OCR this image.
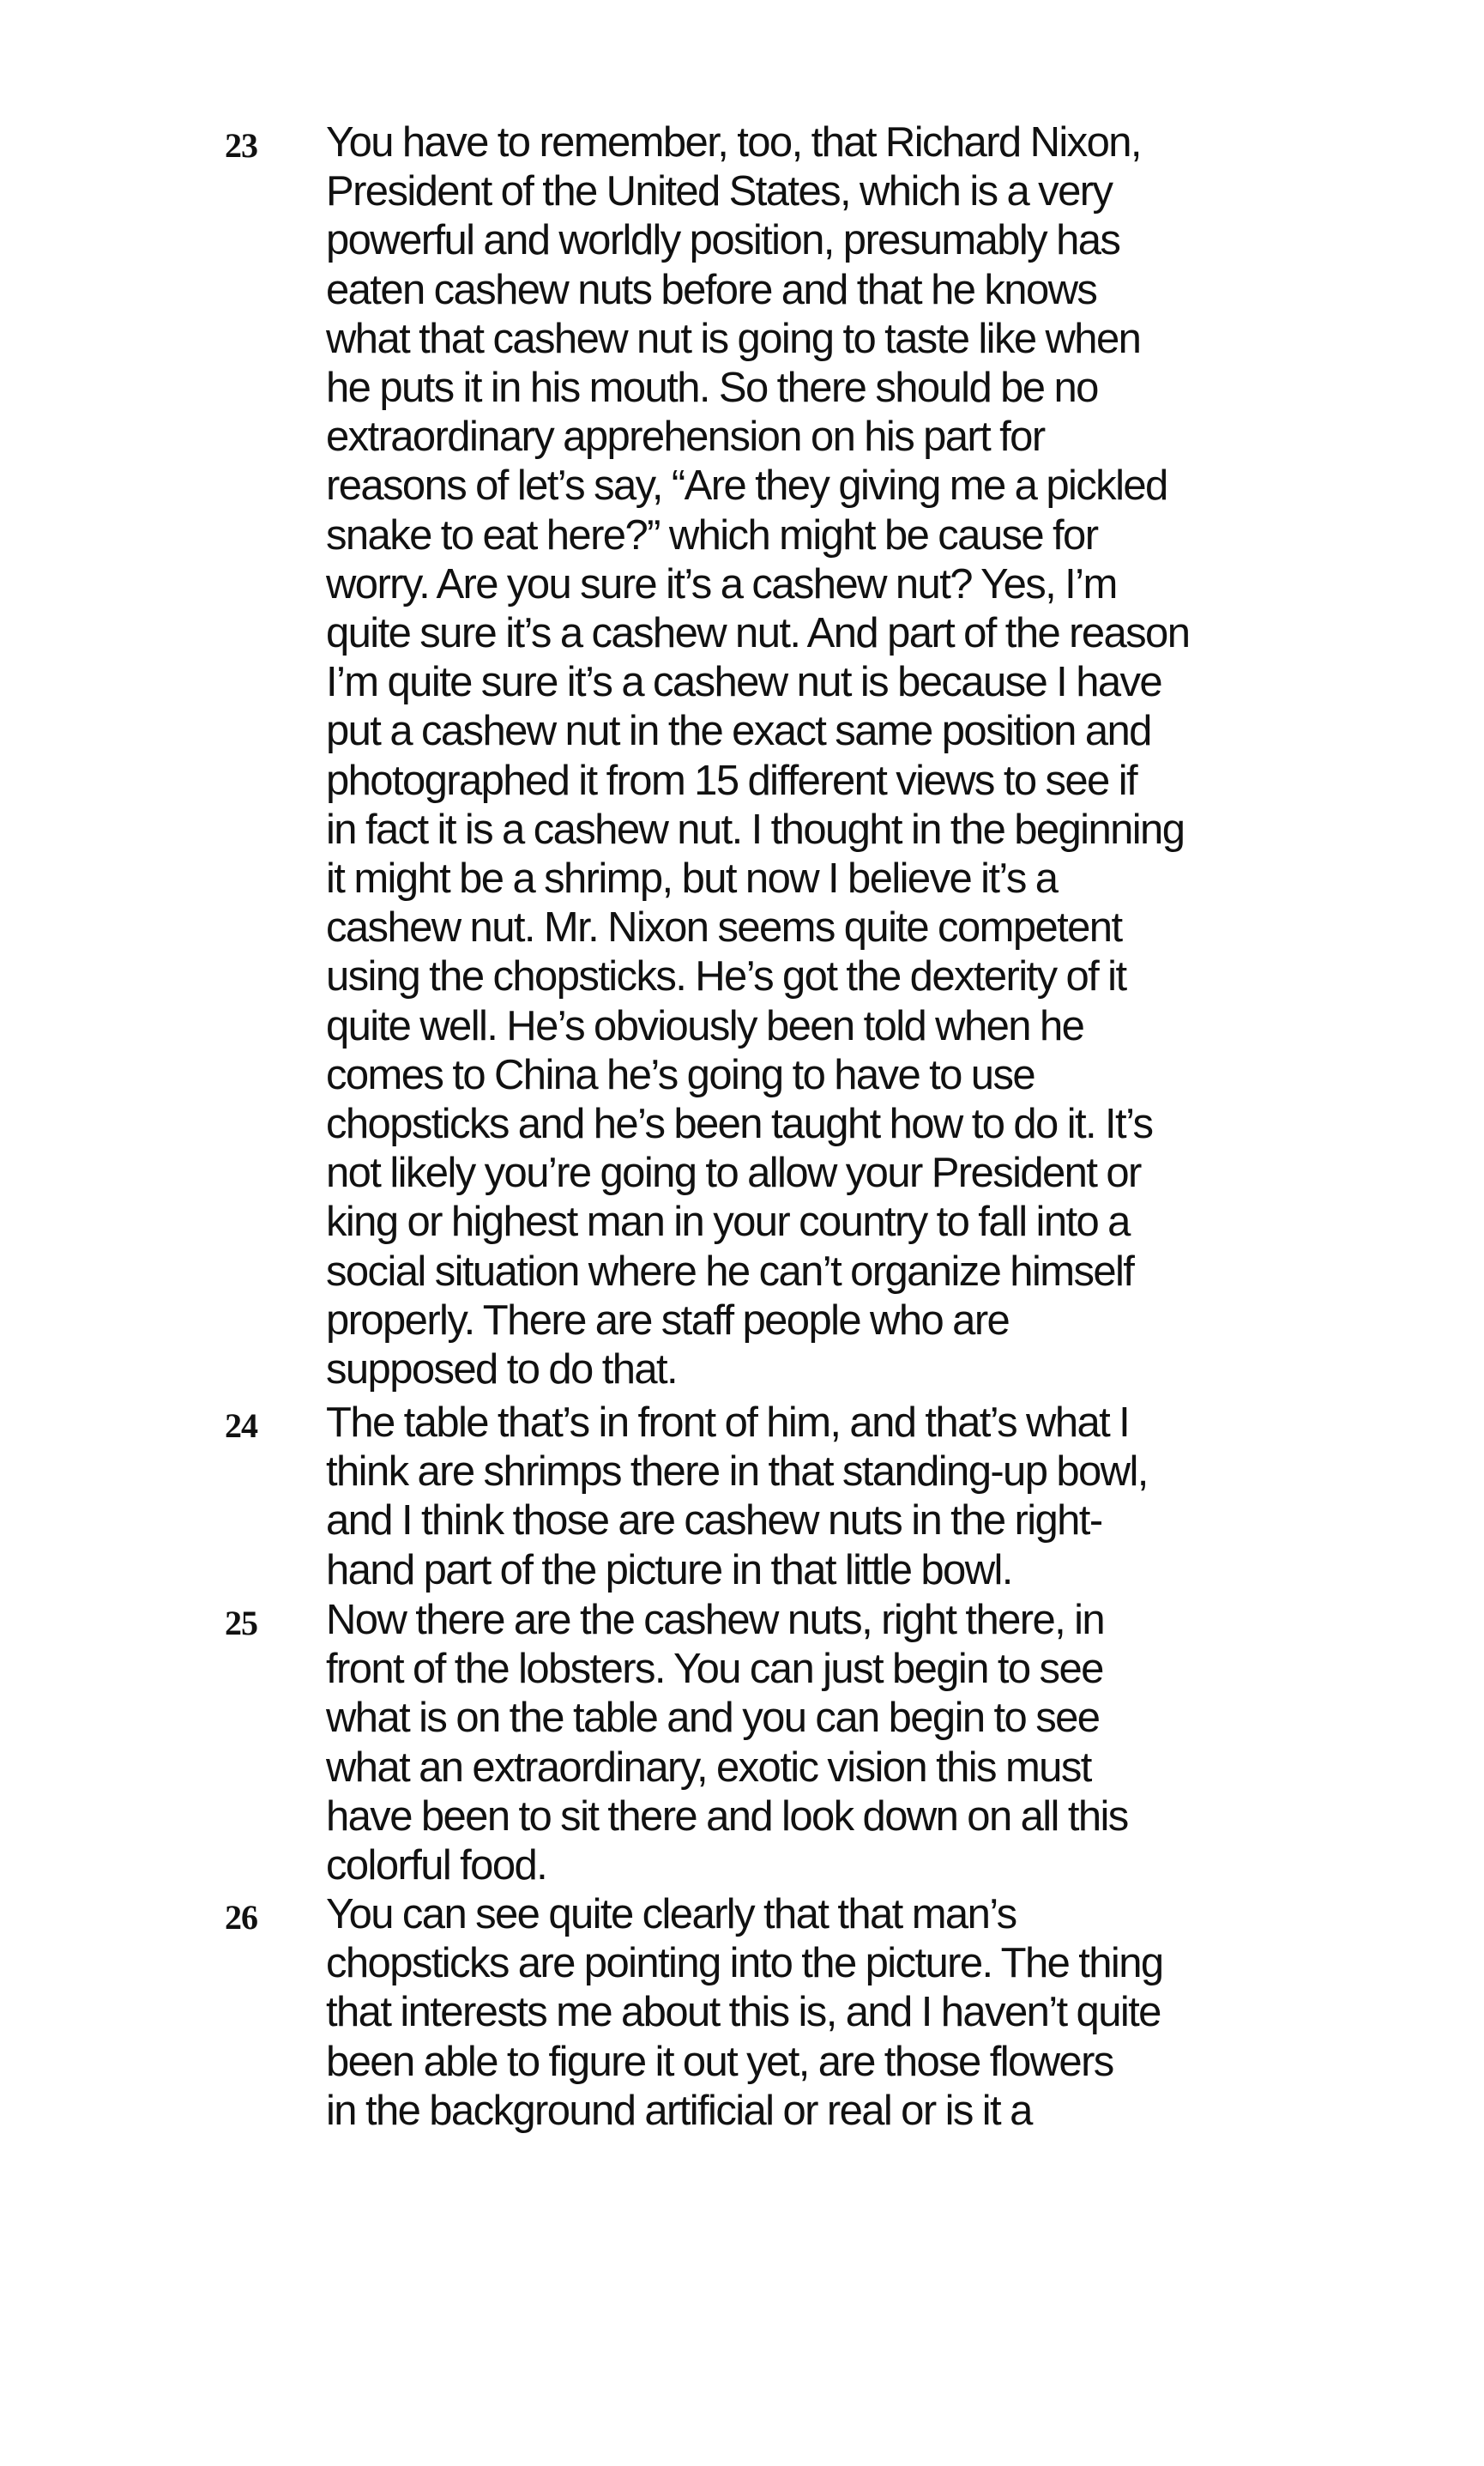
23	You have to remember, too, that Richard Nixon,
President of the United States, which is a very
powerful and worldly position, presumably has
eaten cashew nuts before and that he knows
what that cashew nut is going to taste like when
he puts it in his mouth. So there should be no
extraordinary apprehension on his part for
reasons of let’s say, “Are they giving me a pickled
snake to eat here?” which might be cause for
worry. Are you sure it’s a cashew nut? Yes, I’m
quite sure it’s a cashew nut. And part of the reason
I’m quite sure it’s a cashew nut is because I have
put a cashew nut in the exact same position and
photographed it from 15 different views to see if
in fact it is a cashew nut. I thought in the beginning
it might be a shrimp, but now I believe it’s a
cashew nut. Mr. Nixon seems quite competent
using the chopsticks. He’s got the dexterity of it
quite well. He’s obviously been told when he
comes to China he’s going to have to use
chopsticks and he’s been taught how to do it. It’s
not likely you’re going to allow your President or
king or highest man in your country to fall into a
social situation where he can’t organize himself
properly. There are staff people who are
supposed to do that.
24	The table that’s in front of him, and that’s what I
think are shrimps there in that standing-up bowl,
and I think those are cashew nuts in the right-
hand part of the picture in that little bowl.
25	Now there are the cashew nuts, right there, in
front of the lobsters. You can just begin to see
what is on the table and you can begin to see
what an extraordinary, exotic vision this must
have been to sit there and look down on all this
colorful food.
26	You can see quite clearly that that man’s
chopsticks are pointing into the picture. The thing
that interests me about this is, and I haven’t quite
been able to figure it out yet, are those flowers
in the background artificial or real or is it a
